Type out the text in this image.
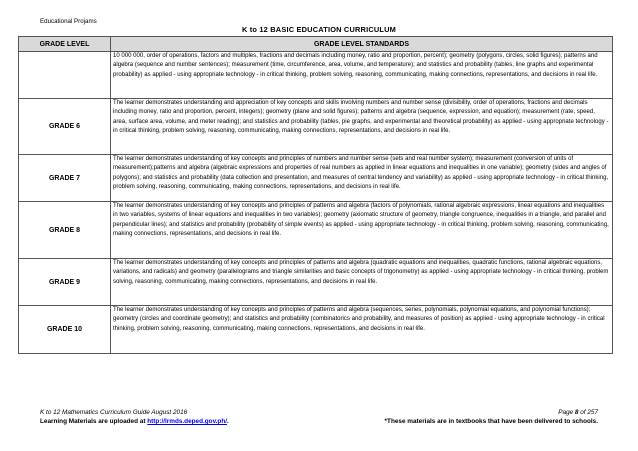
Educational Projams
K to 12 BASIC EDUCATION CURRICULUM
GRADE LEVEL	GRADE LEVEL STANDARDS
	10 000 000, order of operations, factors and multiples, fractions and decimals including money, ratio and proportion, percent); geometry (polygons, circles, solid figures); patterns and algebra (sequence and number sentences); measurement (time, circumference, area, volume, and temperature); and statistics and probability (tables, line graphs and experimental probability) as applied - using appropriate technology - in critical thinking, problem solving, reasoning, communicating, making connections, representations, and decisions in real life.
GRADE 6	The learner demonstrates understanding and appreciation of key concepts and skills involving numbers and number sense (divisibility, order of operations, fractions and decimals including money, ratio and proportion, percent, integers); geometry (plane and solid figures); patterns and algebra (sequence, expression, and equation); measurement (rate, speed, area, surface area, volume, and meter reading); and statistics and probability (tables, pie graphs, and experimental and theoretical probability) as applied - using appropriate technology - in critical thinking, problem solving, reasoning, communicating, making connections, representations, and decisions in real life.
GRADE 7	The learner demonstrates understanding of key concepts and principles of numbers and number sense (sets and real number system); measurement (conversion of units of measurement);patterns and algebra (algebraic expressions and properties of real numbers as applied in linear equations and inequalities in one variable); geometry (sides and angles of polygons); and statistics and probability (data collection and presentation, and measures of central tendency and variability) as applied - using appropriate technology - in critical thinking, problem solving, reasoning, communicating, making connections, representations, and decisions in real life.
GRADE 8	The learner demonstrates understanding of key concepts and principles of patterns and algebra (factors of polynomials, rational algebraic expressions, linear equations and inequalities in two variables, systems of linear equations and inequalities in two variables); geometry (axiomatic structure of geometry, triangle congruence, inequalities in a triangle, and parallel and perpendicular lines); and statistics and probability (probability of simple events) as applied - using appropriate technology - in critical thinking, problem solving, reasoning, communicating, making connections, representations, and decisions in real life.
GRADE 9	The learner demonstrates understanding of key concepts and principles of patterns and algebra (quadratic equations and inequalities, quadratic functions, rational algebraic equations, variations, and radicals) and geometry (parallelograms and triangle similarities and basic concepts of trigonometry) as applied - using appropriate technology - in critical thinking, problem solving, reasoning, communicating, making connections, representations, and decisions in real life.
GRADE 10	The learner demonstrates understanding of key concepts and principles of patterns and algebra (sequences, series, polynomials, polynomial equations, and polynomial functions); geometry (circles and coordinate geometry); and statistics and probability (combinatorics and probability, and measures of position) as applied - using appropriate technology - in critical thinking, problem solving, reasoning, communicating, making connections, representations, and decisions in real life.
K to 12 Mathematics Curriculum Guide August 2016
Learning Materials are uploaded at http://lrmds.deped.gov.ph/.
Page 8 of 257
*These materials are in textbooks that have been delivered to schools.
